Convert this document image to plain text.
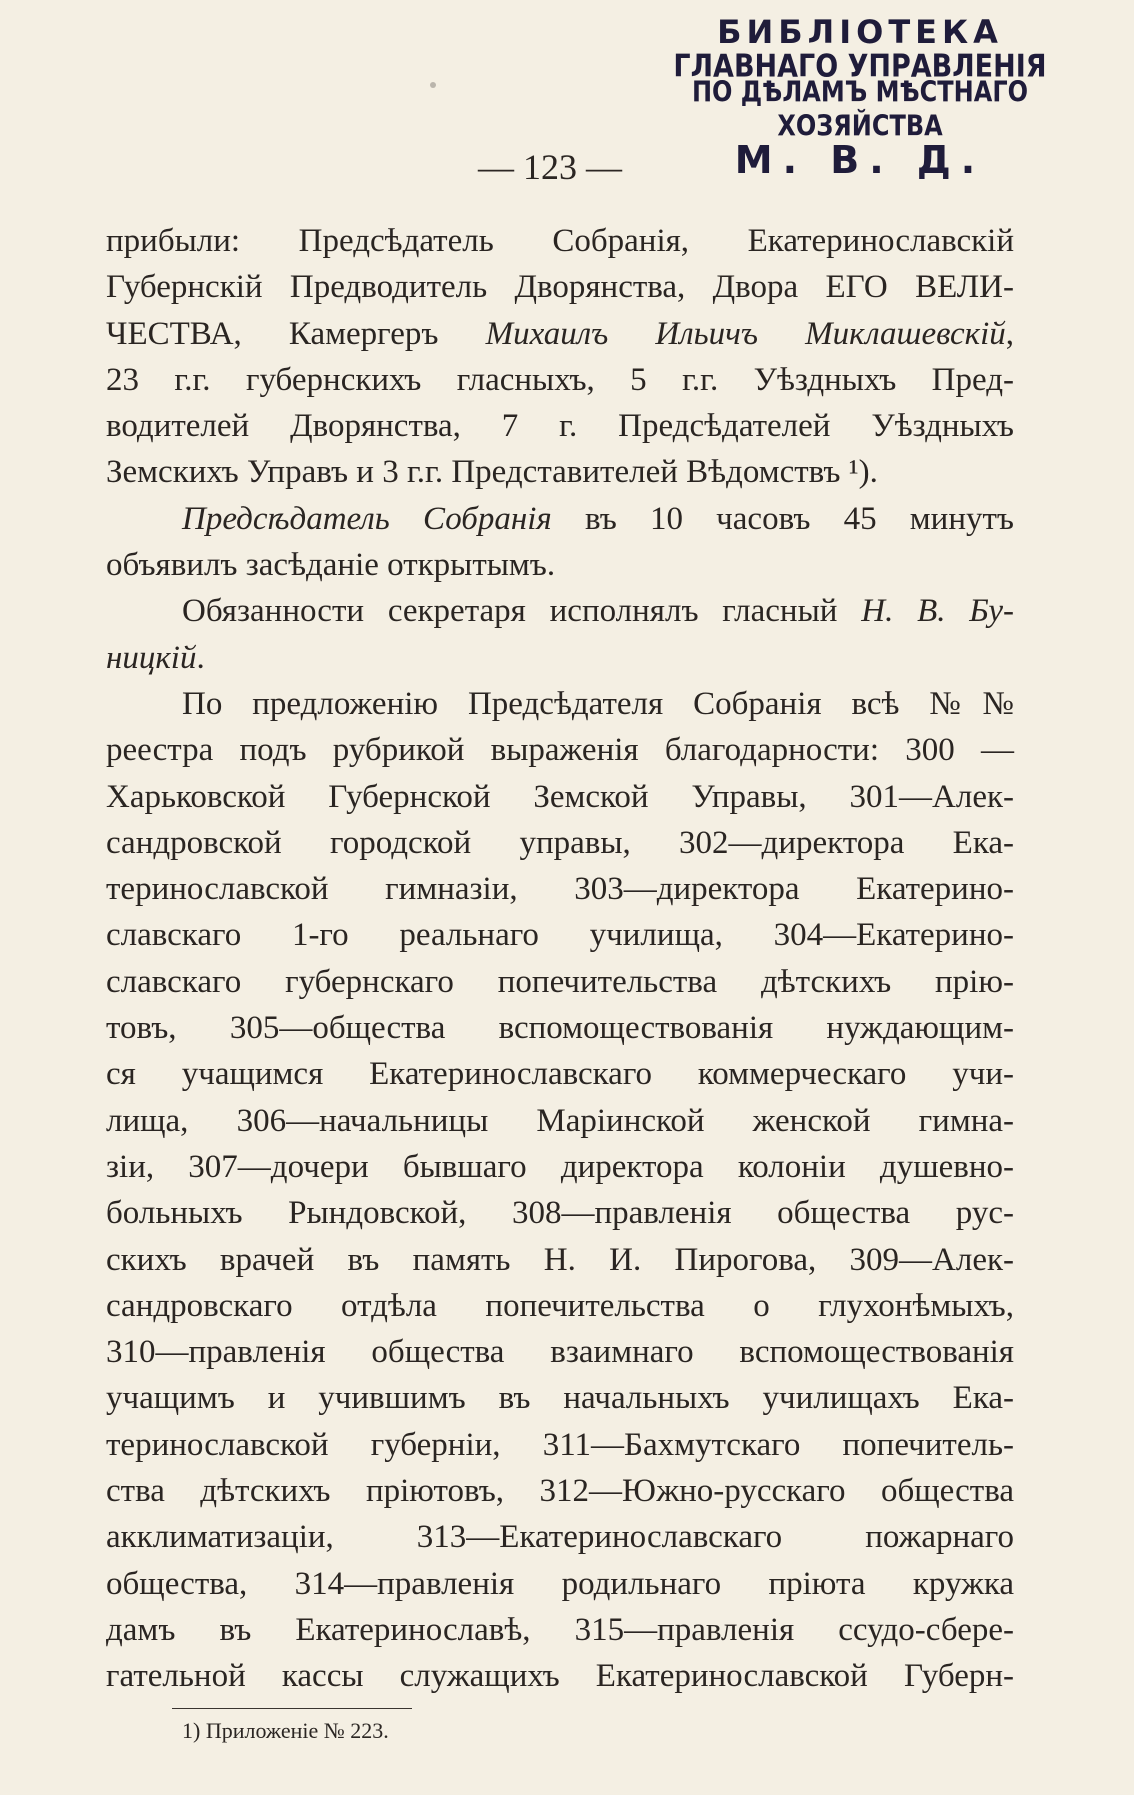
БИБЛIОТЕКА
ГЛАВНАГО УПРАВЛЕНIЯ
ПО ДѢЛАМЪ МѢСТНАГО ХОЗЯЙСТВА
М. В. Д.
— 123 —
прибыли: Предсѣдатель Собранія, Екатеринославскій
Губернскій Предводитель Дворянства, Двора ЕГО ВЕЛИ-
ЧЕСТВА, Камергеръ Михаилъ Ильичъ Миклашевскій,
23 г.г. губернскихъ гласныхъ, 5 г.г. Уѣздныхъ Пред-
водителей Дворянства, 7 г. Предсѣдателей Уѣздныхъ
Земскихъ Управъ и 3 г.г. Представителей Вѣдомствъ ¹).
Предсѣдатель Собранія въ 10 часовъ 45 минутъ
объявилъ засѣданіе открытымъ.
Обязанности секретаря исполнялъ гласный Н. В. Бу-
ницкій.
По предложенію Предсѣдателя Собранія всѣ №№
реестра подъ рубрикой выраженія благодарности: 300 —
Харьковской Губернской Земской Управы, 301—Алек-
сандровской городской управы, 302—директора Ека-
теринославской гимназіи, 303—директора Екатерино-
славскаго 1-го реальнаго училища, 304—Екатерино-
славскаго губернскаго попечительства дѣтскихъ прію-
товъ, 305—общества вспомоществованія нуждающим-
ся учащимся Екатеринославскаго коммерческаго учи-
лища, 306—начальницы Маріинской женской гимна-
зіи, 307—дочери бывшаго директора колоніи душевно-
больныхъ Рындовской, 308—правленія общества рус-
скихъ врачей въ память Н. И. Пирогова, 309—Алек-
сандровскаго отдѣла попечительства о глухонѣмыхъ,
310—правленія общества взаимнаго вспомоществованія
учащимъ и учившимъ въ начальныхъ училищахъ Ека-
теринославской губерніи, 311—Бахмутскаго попечитель-
ства дѣтскихъ пріютовъ, 312—Южно-русскаго общества
акклиматизаціи, 313—Екатеринославскаго пожарнаго
общества, 314—правленія родильнаго пріюта кружка
дамъ въ Екатеринославѣ, 315—правленія ссудо-сбере-
гательной кассы служащихъ Екатеринославской Губерн-
1) Приложеніе № 223.
